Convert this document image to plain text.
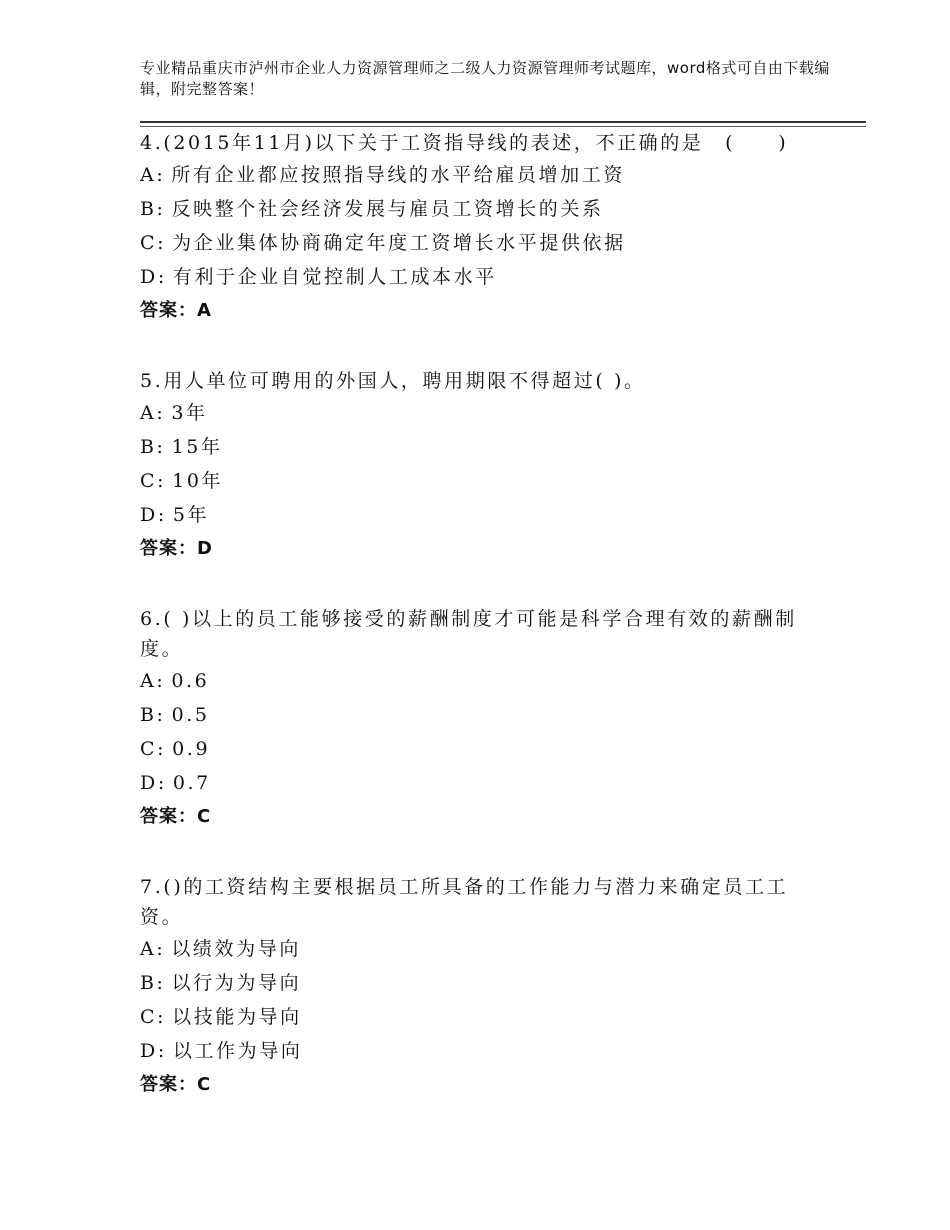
专业精品重庆市泸州市企业人力资源管理师之二级人力资源管理师考试题库，word格式可自由下载编辑，附完整答案！
4.(2015年11月)以下关于工资指导线的表述，不正确的是　(　　)
A: 所有企业都应按照指导线的水平给雇员增加工资
B: 反映整个社会经济发展与雇员工资增长的关系
C: 为企业集体协商确定年度工资增长水平提供依据
D: 有利于企业自觉控制人工成本水平
答案：A
5.用人单位可聘用的外国人，聘用期限不得超过( )。
A: 3年
B: 15年
C: 10年
D: 5年
答案：D
6.( )以上的员工能够接受的薪酬制度才可能是科学合理有效的薪酬制度。
A: 0.6
B: 0.5
C: 0.9
D: 0.7
答案：C
7.()的工资结构主要根据员工所具备的工作能力与潜力来确定员工工资。
A: 以绩效为导向
B: 以行为为导向
C: 以技能为导向
D: 以工作为导向
答案：C
